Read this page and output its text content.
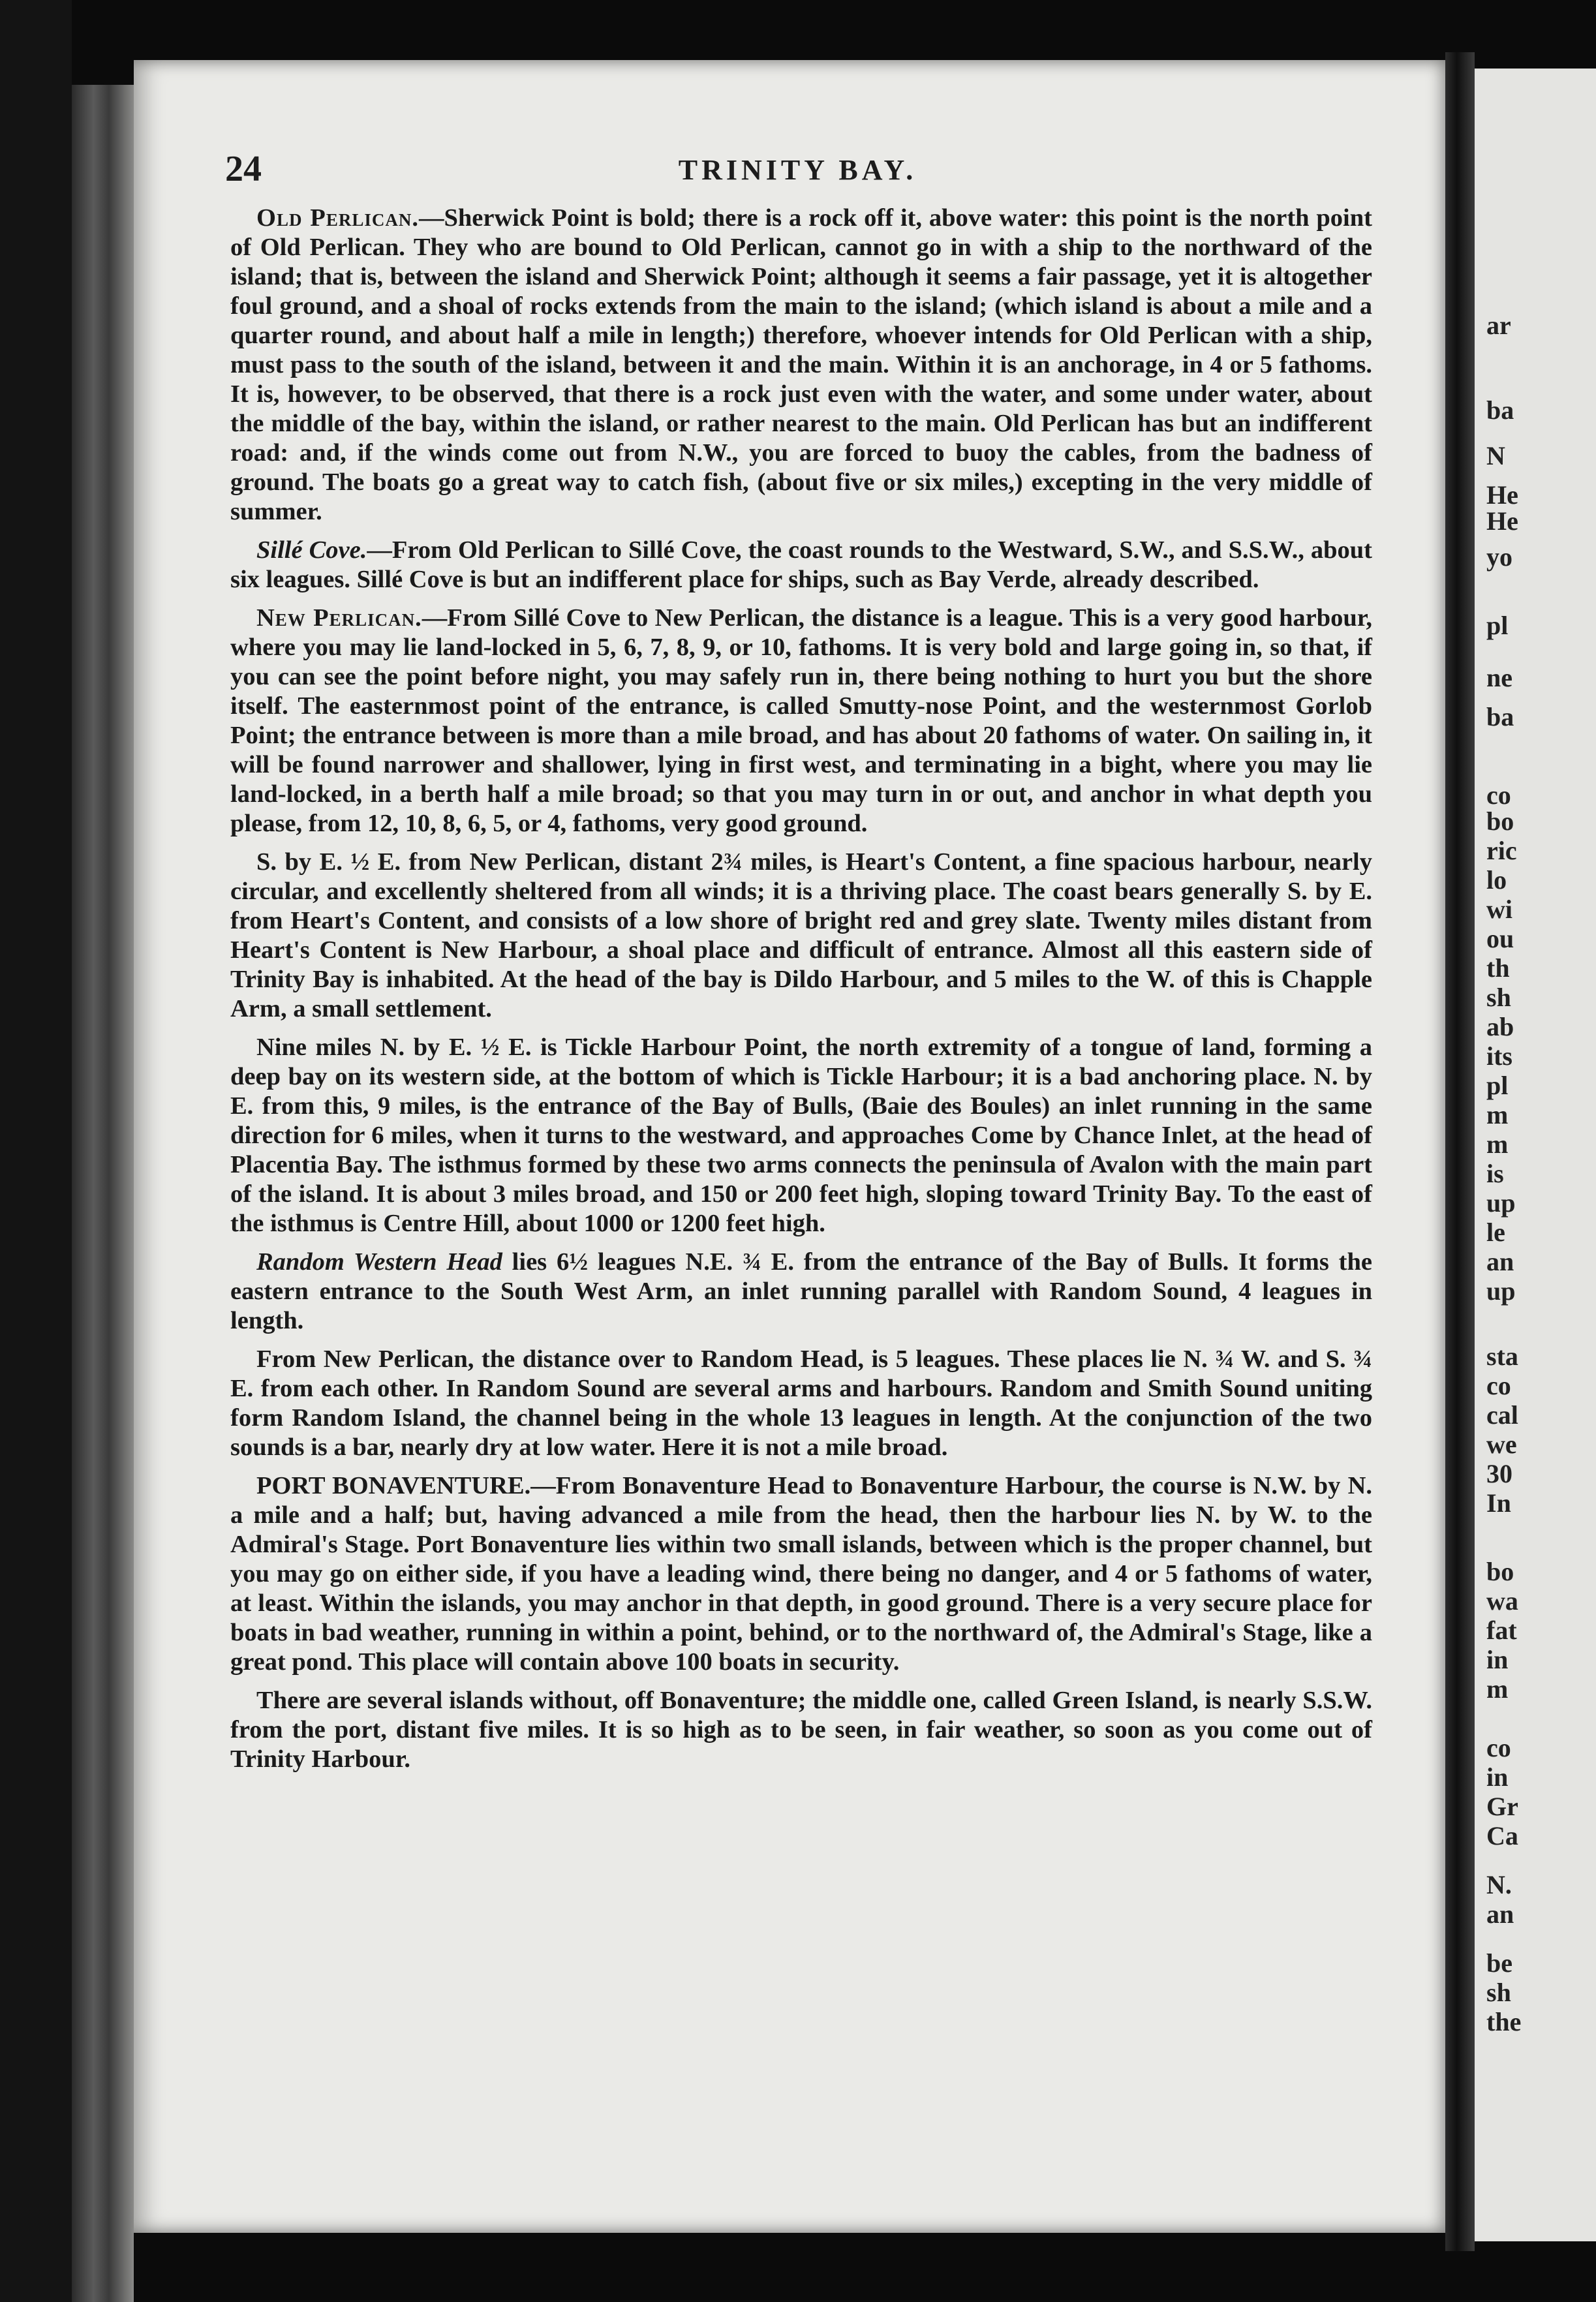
24	TRINITY BAY.

Old Perlican.—Sherwick Point is bold; there is a rock off it, above water: this point is the north point of Old Perlican. They who are bound to Old Perlican, cannot go in with a ship to the northward of the island; that is, between the island and Sherwick Point; although it seems a fair passage, yet it is altogether foul ground, and a shoal of rocks extends from the main to the island; (which island is about a mile and a quarter round, and about half a mile in length;) therefore, whoever intends for Old Perlican with a ship, must pass to the south of the island, between it and the main. Within it is an anchorage, in 4 or 5 fathoms. It is, however, to be observed, that there is a rock just even with the water, and some under water, about the middle of the bay, within the island, or rather nearest to the main. Old Perlican has but an indifferent road: and, if the winds come out from N.W., you are forced to buoy the cables, from the badness of ground. The boats go a great way to catch fish, (about five or six miles,) excepting in the very middle of summer.

Sillé Cove.—From Old Perlican to Sillé Cove, the coast rounds to the Westward, S.W., and S.S.W., about six leagues. Sillé Cove is but an indifferent place for ships, such as Bay Verde, already described.

New Perlican.—From Sillé Cove to New Perlican, the distance is a league. This is a very good harbour, where you may lie land-locked in 5, 6, 7, 8, 9, or 10, fathoms. It is very bold and large going in, so that, if you can see the point before night, you may safely run in, there being nothing to hurt you but the shore itself. The easternmost point of the entrance, is called Smutty-nose Point, and the westernmost Gorlob Point; the entrance between is more than a mile broad, and has about 20 fathoms of water. On sailing in, it will be found narrower and shallower, lying in first west, and terminating in a bight, where you may lie land-locked, in a berth half a mile broad; so that you may turn in or out, and anchor in what depth you please, from 12, 10, 8, 6, 5, or 4, fathoms, very good ground.

S. by E. ½ E. from New Perlican, distant 2¾ miles, is Heart's Content, a fine spacious harbour, nearly circular, and excellently sheltered from all winds; it is a thriving place. The coast bears generally S. by E. from Heart's Content, and consists of a low shore of bright red and grey slate. Twenty miles distant from Heart's Content is New Harbour, a shoal place and difficult of entrance. Almost all this eastern side of Trinity Bay is inhabited. At the head of the bay is Dildo Harbour, and 5 miles to the W. of this is Chapple Arm, a small settlement.

Nine miles N. by E. ½ E. is Tickle Harbour Point, the north extremity of a tongue of land, forming a deep bay on its western side, at the bottom of which is Tickle Harbour; it is a bad anchoring place. N. by E. from this, 9 miles, is the entrance of the Bay of Bulls, (Baie des Boules) an inlet running in the same direction for 6 miles, when it turns to the westward, and approaches Come by Chance Inlet, at the head of Placentia Bay. The isthmus formed by these two arms connects the peninsula of Avalon with the main part of the island. It is about 3 miles broad, and 150 or 200 feet high, sloping toward Trinity Bay. To the east of the isthmus is Centre Hill, about 1000 or 1200 feet high.

Random Western Head lies 6½ leagues N.E. ¾ E. from the entrance of the Bay of Bulls. It forms the eastern entrance to the South West Arm, an inlet running parallel with Random Sound, 4 leagues in length.

From New Perlican, the distance over to Random Head, is 5 leagues. These places lie N. ¾ W. and S. ¾ E. from each other. In Random Sound are several arms and harbours. Random and Smith Sound uniting form Random Island, the channel being in the whole 13 leagues in length. At the conjunction of the two sounds is a bar, nearly dry at low water. Here it is not a mile broad.

PORT BONAVENTURE.—From Bonaventure Head to Bonaventure Harbour, the course is N.W. by N. a mile and a half; but, having advanced a mile from the head, then the harbour lies N. by W. to the Admiral's Stage. Port Bonaventure lies within two small islands, between which is the proper channel, but you may go on either side, if you have a leading wind, there being no danger, and 4 or 5 fathoms of water, at least. Within the islands, you may anchor in that depth, in good ground. There is a very secure place for boats in bad weather, running in within a point, behind, or to the northward of, the Admiral's Stage, like a great pond. This place will contain above 100 boats in security.

There are several islands without, off Bonaventure; the middle one, called Green Island, is nearly S.S.W. from the port, distant five miles. It is so high as to be seen, in fair weather, so soon as you come out of Trinity Harbour.

ar
ba
N
He
He
yo
pl
ne
ba
co
bo
ric
lo
wi
ou
th
sh
ab
its
pl
m
m
is
up
le
an
up
sta
co
cal
we
30
In
bo
wa
fat
in
m
co
in
Gr
Ca
N.
an
be
sh
the
